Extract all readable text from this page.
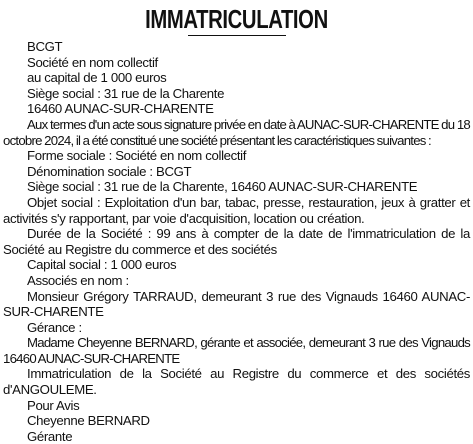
IMMATRICULATION

BCGT

Société en nom collectif

au capital de 1 000 euros

Siège social : 31 rue de la Charente

16460 AUNAC-SUR-CHARENTE

Aux termes d'un acte sous signature privée en date à AUNAC-SUR-CHARENTE du 18 octobre 2024, il a été constitué une société présentant les caractéristiques suivantes :

Forme sociale : Société en nom collectif

Dénomination sociale : BCGT

Siège social : 31 rue de la Charente, 16460 AUNAC-SUR-CHARENTE

Objet social : Exploitation d'un bar, tabac, presse, restauration, jeux à gratter et activités s'y rapportant, par voie d'acquisition, location ou création.

Durée de la Société : 99 ans à compter de la date de l'immatriculation de la Société au Registre du commerce et des sociétés

Capital social : 1 000 euros

Associés en nom :

Monsieur Grégory TARRAUD, demeurant 3 rue des Vignauds 16460 AUNAC-SUR-CHARENTE

Gérance :

Madame Cheyenne BERNARD, gérante et associée, demeurant 3 rue des Vignauds 16460 AUNAC-SUR-CHARENTE

Immatriculation de la Société au Registre du commerce et des sociétés d'ANGOULEME.

Pour Avis

Cheyenne BERNARD

Gérante
